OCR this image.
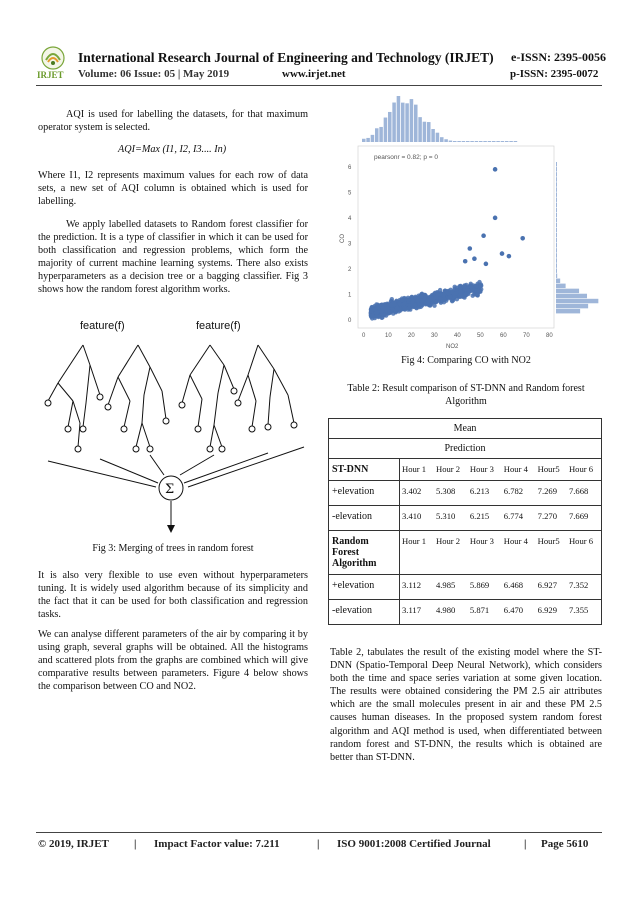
IRJET
International Research Journal of Engineering and Technology (IRJET) e-ISSN: 2395-0056
Volume: 06 Issue: 05 | May 2019	www.irjet.net	p-ISSN: 2395-0072
AQI is used for labelling the datasets, for that maximum operator system is selected.
AQI=Max (I1, I2, I3.... In)
Where I1, I2 represents maximum values for each row of data sets, a new set of AQI column is obtained which is used for labelling.
We apply labelled datasets to Random forest classifier for the prediction. It is a type of classifier in which it can be used for both classification and regression problems, which form the majority of current machine learning systems. There also exists hyperparameters as a decision tree or a bagging classifier. Fig 3 shows how the random forest algorithm works.
feature(f)	feature(f)
Σ
Fig 3: Merging of trees in random forest
It is also very flexible to use even without hyperparameters tuning. It is widely used algorithm because of its simplicity and the fact that it can be used for both classification and regression tasks.
We can analyse different parameters of the air by comparing it by using graph, several graphs will be obtained. All the histograms and scattered plots from the graphs are combined which will give comparative results between parameters. Figure 4 below shows the comparison between CO and NO2.
0	10	20	30	40	50	60	70	80
0
1
2
3
4
5
6
NO2
CO
pearsonr = 0.82; p = 0
Fig 4: Comparing CO with NO2
Table 2: Result comparison of ST-DNN and Random forest Algorithm
Mean						
Prediction						
ST-DNN	Hour 1	Hour 2	Hour 3	Hour 4	Hour5	Hour 6
+elevation	3.402	5.308	6.213	6.782	7.269	7.668
-elevation	3.410	5.310	6.215	6.774	7.270	7.669
Random Forest Algorithm	Hour 1	Hour 2	Hour 3	Hour 4	Hour5	Hour 6
+elevation	3.112	4.985	5.869	6.468	6.927	7.352
-elevation	3.117	4.980	5.871	6.470	6.929	7.355
Table 2, tabulates the result of the existing model where the ST-DNN (Spatio-Temporal Deep Neural Network), which considers both the time and space series variation at some given location. The results were obtained considering the PM 2.5 air attributes which are the small molecules present in air and these PM 2.5 causes human diseases. In the proposed system random forest algorithm and AQI method is used, when differentiated between random forest and ST-DNN, the results which is obtained are better than ST-DNN.
© 2019, IRJET | Impact Factor value: 7.211	| ISO 9001:2008 Certified Journal	| Page 5610
